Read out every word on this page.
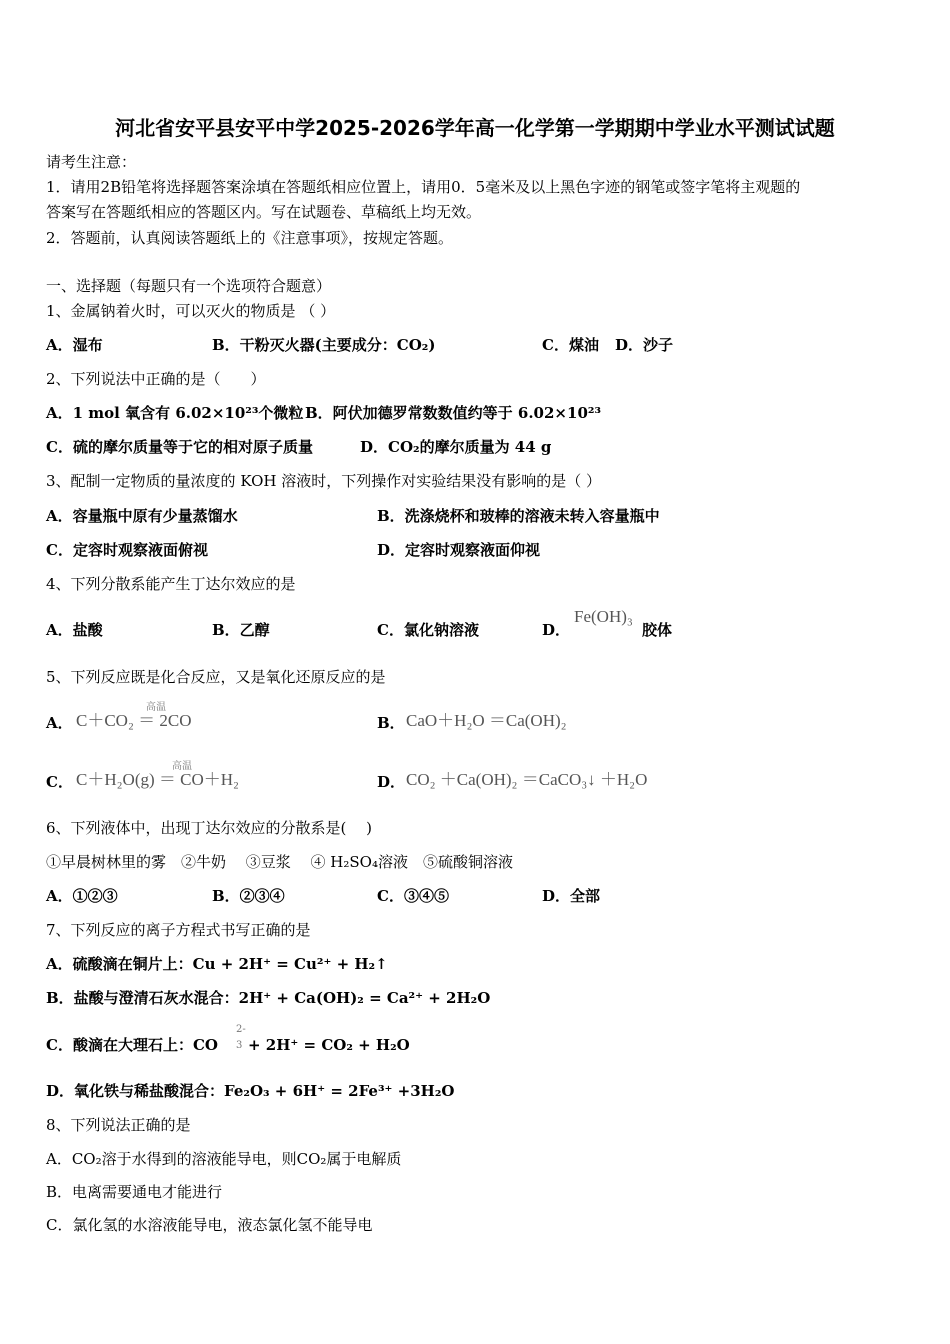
河北省安平县安平中学2025-2026学年高一化学第一学期期中学业水平测试试题
请考生注意：
1．请用2B铅笔将选择题答案涂填在答题纸相应位置上，请用0．5毫米及以上黑色字迹的钢笔或签字笔将主观题的
答案写在答题纸相应的答题区内。写在试题卷、草稿纸上均无效。
2．答题前，认真阅读答题纸上的《注意事项》，按规定答题。
一、选择题（每题只有一个选项符合题意）
1、金属钠着火时，可以灭火的物质是 （ ）
A．湿布	B．干粉灭火器(主要成分：CO₂)	C．煤油 D．沙子
2、下列说法中正确的是（　　）
A．1 mol 氧含有 6.02×10²³个微粒 B．阿伏加德罗常数数值约等于 6.02×10²³
C．硫的摩尔质量等于它的相对原子质量	D．CO₂的摩尔质量为 44 g
3、配制一定物质的量浓度的 KOH 溶液时，下列操作对实验结果没有影响的是（ ）
A．容量瓶中原有少量蒸馏水	B．洗涤烧杯和玻棒的溶液未转入容量瓶中
C．定容时观察液面俯视	D．定容时观察液面仰视
4、下列分散系能产生丁达尔效应的是
A．盐酸	B．乙醇	C．氯化钠溶液	D．
Fe(OH)₃
胶体
5、下列反应既是化合反应，又是氧化还原反应的是
A．
高温
C＋CO₂ ＝ 2CO	B． CaO＋H₂O ＝Ca(OH)₂
C．
高温
C＋H₂O(g) ＝ CO＋H₂	D． CO₂ ＋Ca(OH)₂ ＝CaCO₃↓ ＋H₂O
6、下列液体中，出现丁达尔效应的分散系是(　 )
①早晨树林里的雾　②牛奶　 ③豆浆　 ④ H₂SO₄溶液　⑤硫酸铜溶液
A．①②③	B．②③④	C．③④⑤	D．全部
7、下列反应的离子方程式书写正确的是
A．硫酸滴在铜片上：Cu + 2H⁺ = Cu²⁺ + H₂↑
B．盐酸与澄清石灰水混合：2H⁺ + Ca(OH)₂ = Ca²⁺ + 2H₂O
C．酸滴在大理石上：CO
2-
3 + 2H⁺ = CO₂ + H₂O
D．氧化铁与稀盐酸混合：Fe₂O₃ + 6H⁺ = 2Fe³⁺ +3H₂O
8、下列说法正确的是
A．CO₂溶于水得到的溶液能导电，则CO₂属于电解质
B．电离需要通电才能进行
C．氯化氢的水溶液能导电，液态氯化氢不能导电
